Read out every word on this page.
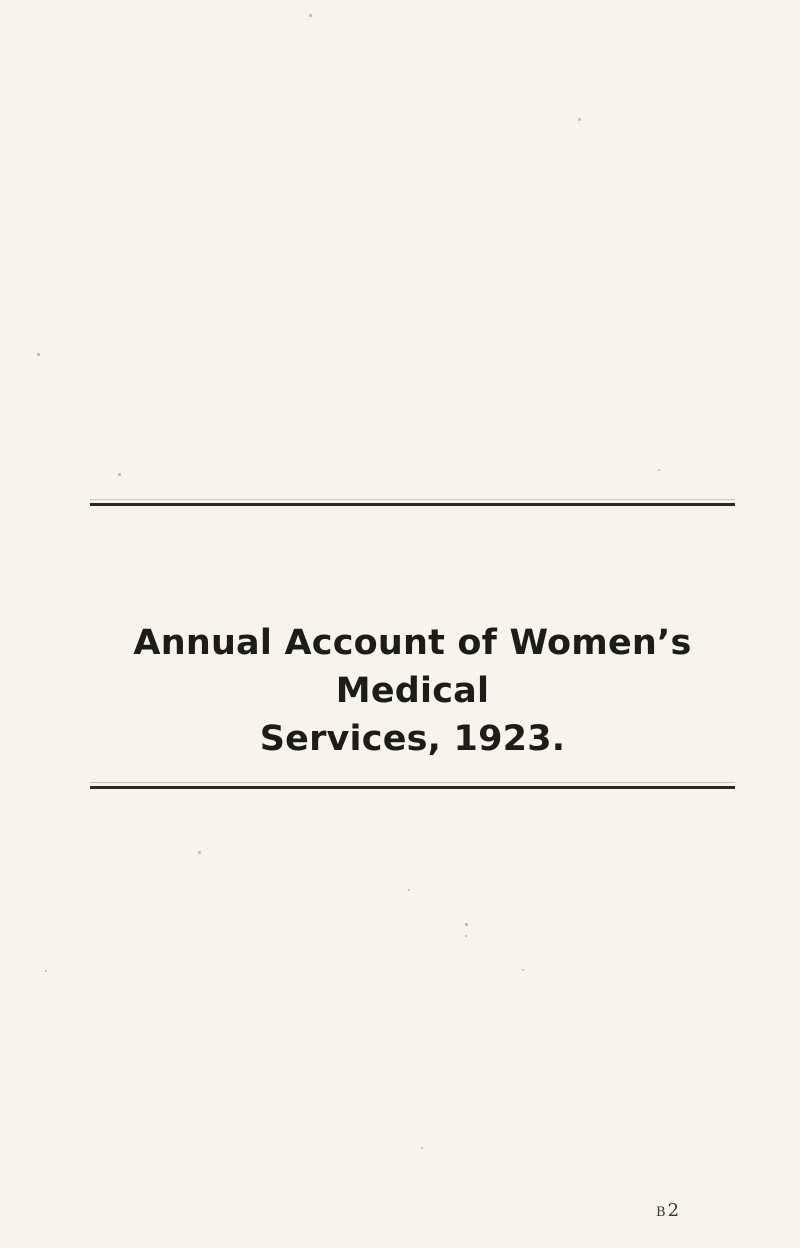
Annual Account of Women’s Medical
Services, 1923.
B2
